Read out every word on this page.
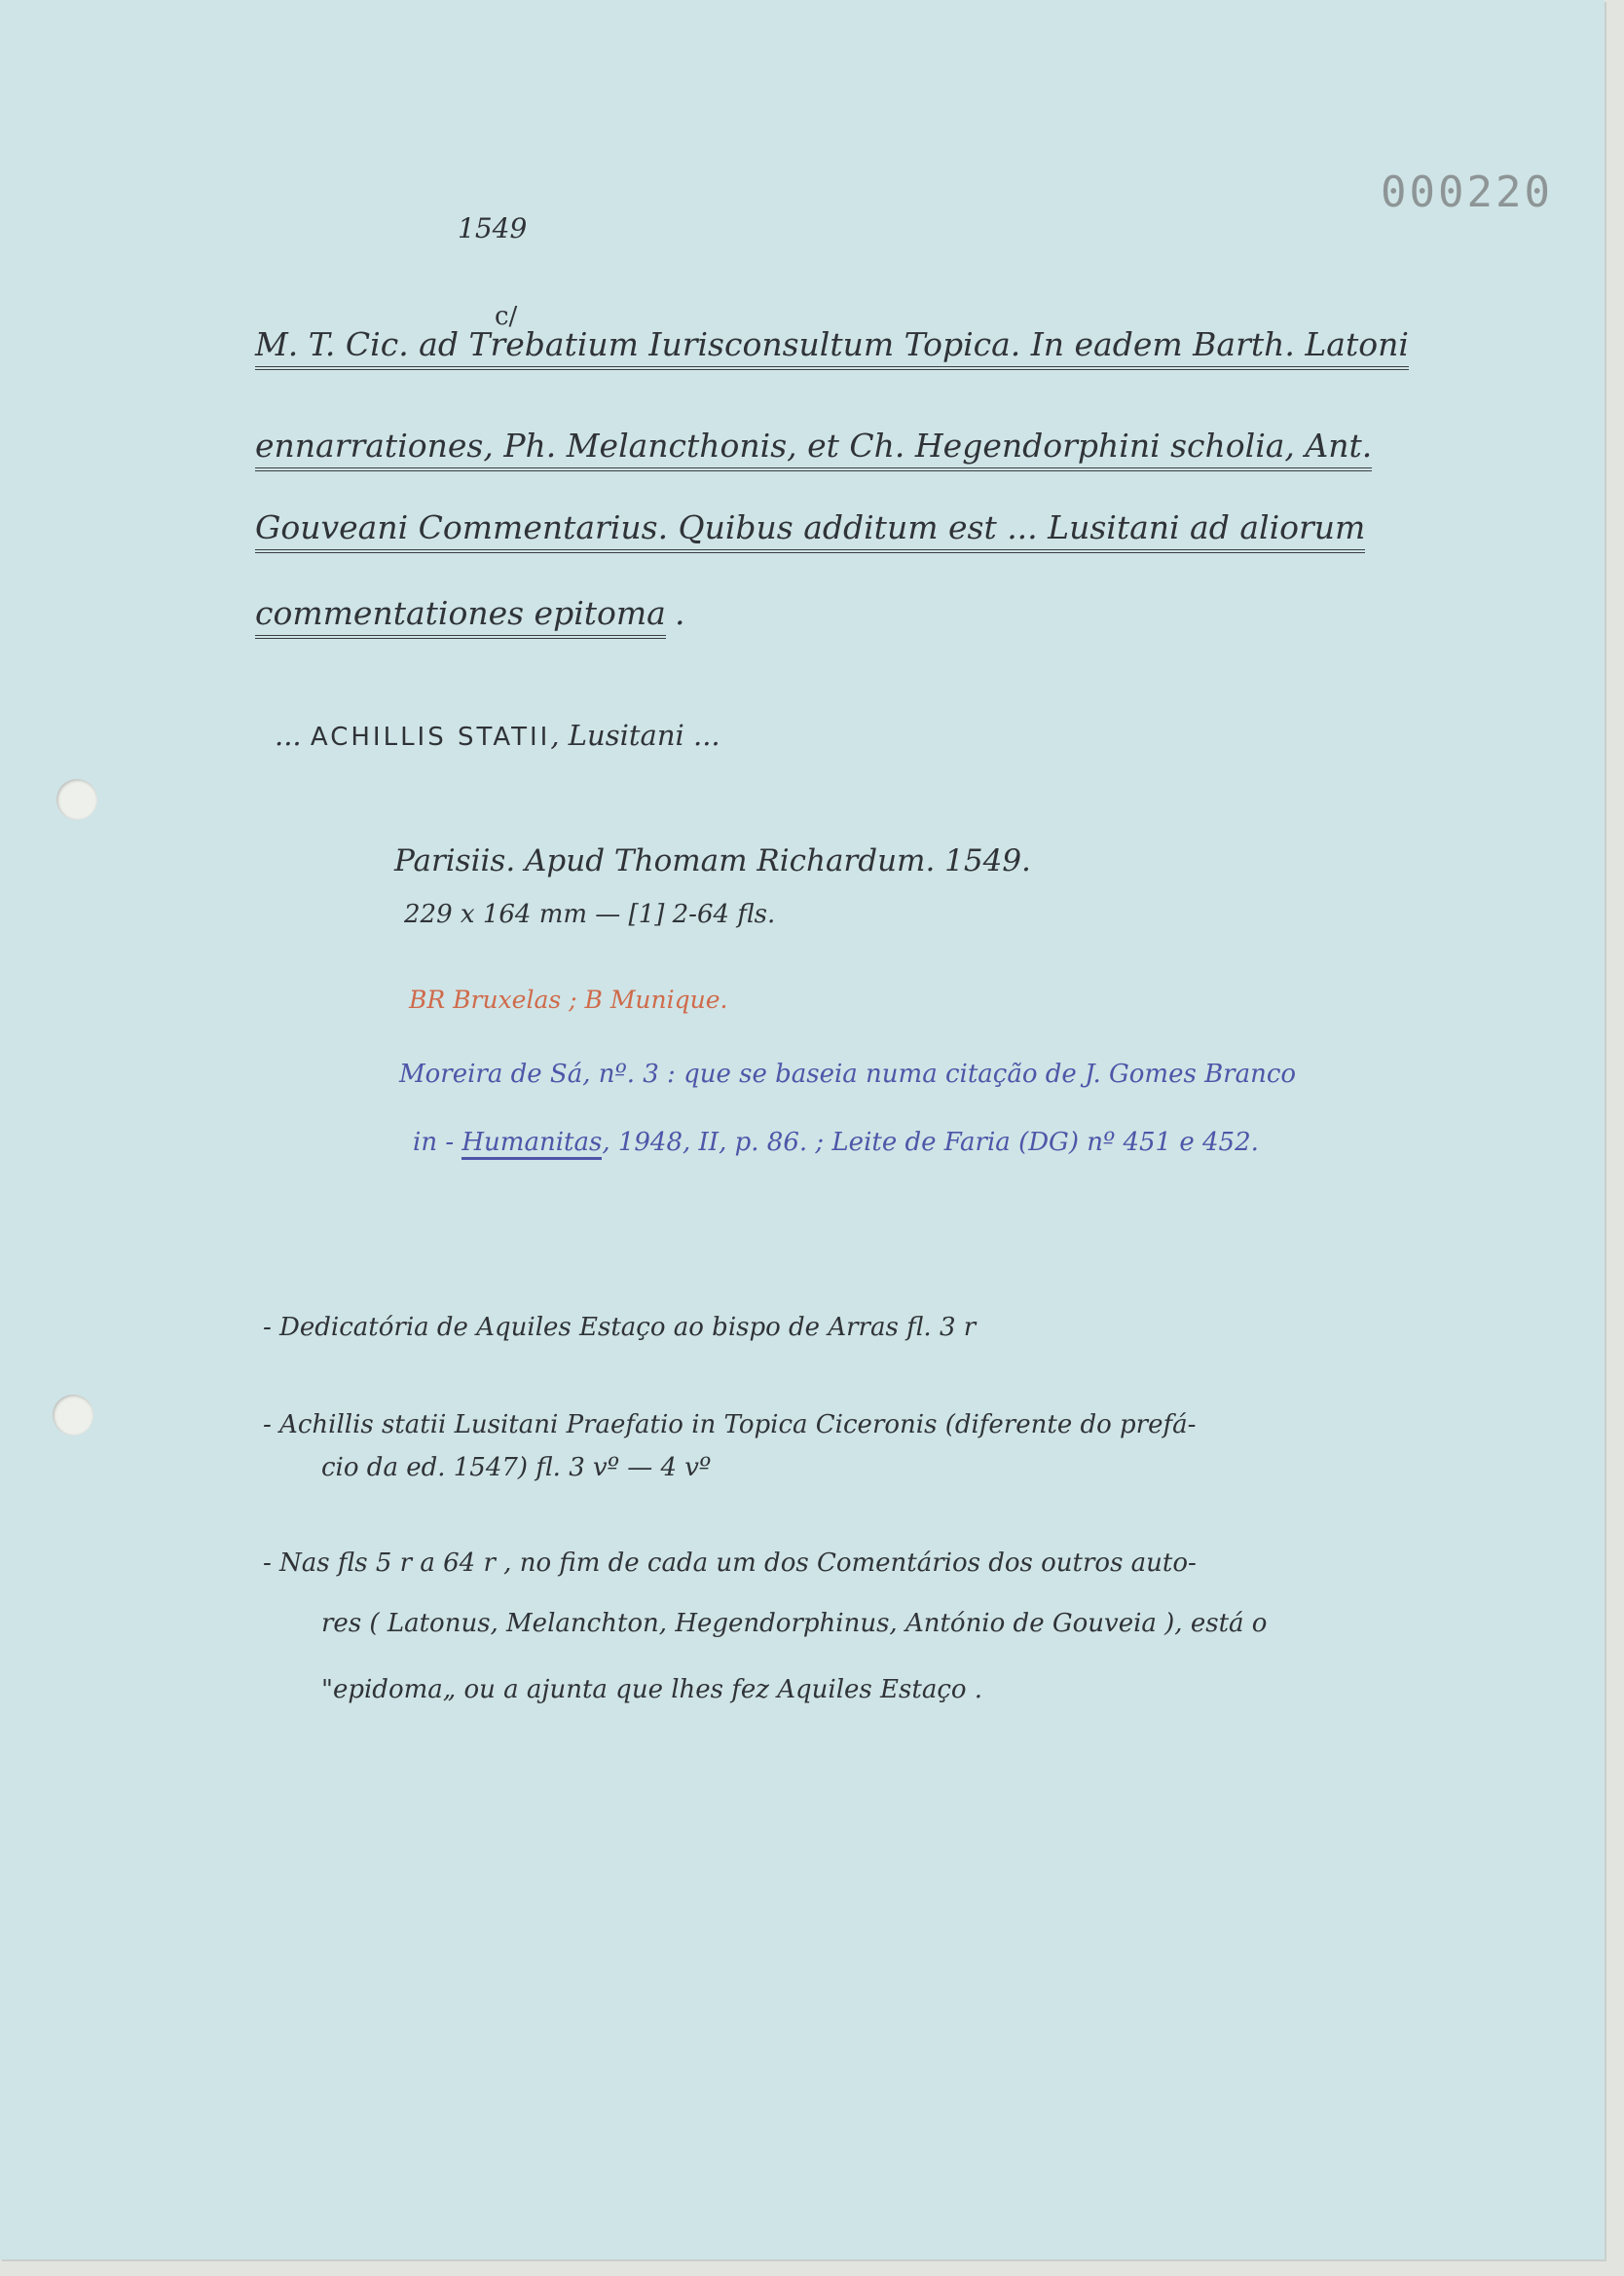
000220
1549
c/
M. T. Cic. ad Trebatium Iurisconsultum Topica. In eadem Barth. Latoni
ennarrationes, Ph. Melancthonis, et Ch. Hegendorphini scholia, Ant.
Gouveani Commentarius. Quibus additum est ... Lusitani ad aliorum
commentationes epitoma .
... ACHILLIS STATII, Lusitani ...
Parisiis. Apud Thomam Richardum. 1549.
229 x 164 mm — [1] 2-64 fls.
BR Bruxelas ; B Munique.
Moreira de Sá, nº. 3 : que se baseia numa citação de J. Gomes Branco
in - Humanitas, 1948, II, p. 86. ; Leite de Faria (DG) nº 451 e 452.
- Dedicatória de Aquiles Estaço ao bispo de Arras fl. 3 r
- Achillis statii Lusitani Praefatio in Topica Ciceronis (diferente do prefá-
cio da ed. 1547) fl. 3 vº — 4 vº
- Nas fls 5 r a 64 r , no fim de cada um dos Comentários dos outros auto-
res ( Latonus, Melanchton, Hegendorphinus, António de Gouveia ), está o
"epidoma„ ou a ajunta que lhes fez Aquiles Estaço .
